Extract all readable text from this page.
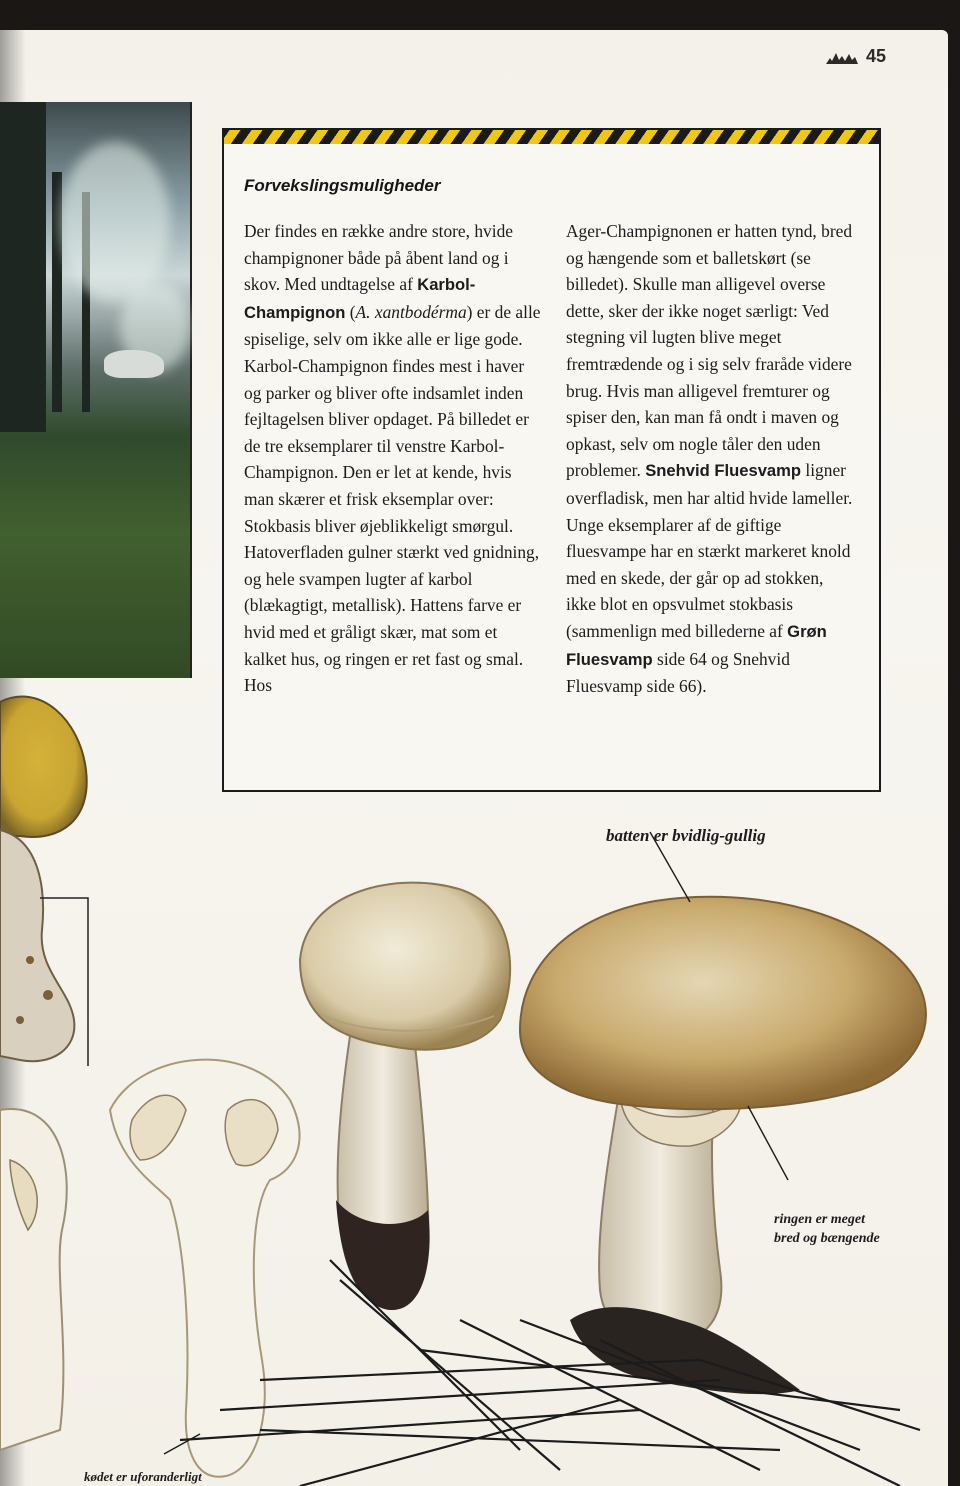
45
Forvekslingsmuligheder

Der findes en række andre store, hvide champignoner både på åbent land og i skov. Med undtagelse af Karbol-Champignon (A. xantbodérma) er de alle spiselige, selv om ikke alle er lige gode. Karbol-Champignon findes mest i haver og parker og bliver ofte indsamlet inden fejltagelsen bliver opdaget. På billedet er de tre eksemplarer til venstre Karbol-Champignon. Den er let at kende, hvis man skærer et frisk eksemplar over: Stokbasis bliver øjeblikkeligt smørgul. Hatoverfladen gulner stærkt ved gnidning, og hele svampen lugter af karbol (blækagtigt, metallisk). Hattens farve er hvid med et gråligt skær, mat som et kalket hus, og ringen er ret fast og smal. Hos

Ager-Champignonen er hatten tynd, bred og hængende som et balletskørt (se billedet). Skulle man alligevel overse dette, sker der ikke noget særligt: Ved stegning vil lugten blive meget fremtrædende og i sig selv fraråde videre brug. Hvis man alligevel fremturer og spiser den, kan man få ondt i maven og opkast, selv om nogle tåler den uden problemer. Snehvid Fluesvamp ligner overfladisk, men har altid hvide lameller. Unge eksemplarer af de giftige fluesvampe har en stærkt markeret knold med en skede, der går op ad stokken, ikke blot en opsvulmet stokbasis (sammenlign med billederne af Grøn Fluesvamp side 64 og Snehvid Fluesvamp side 66).

batten er bvidlig-gullig
ringen er meget bred og bængende
kødet er uforanderligt
